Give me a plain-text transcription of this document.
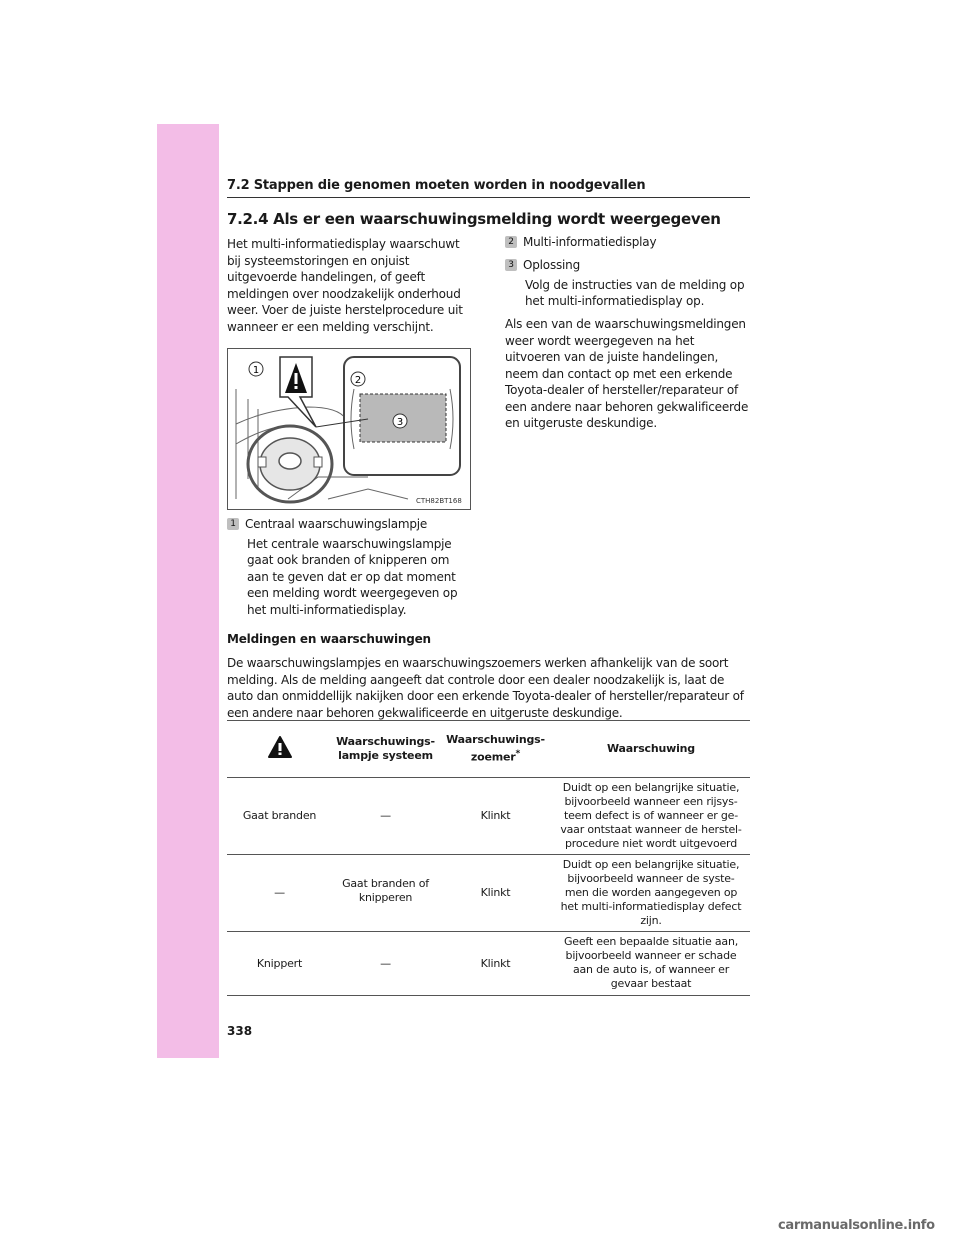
7.2 Stappen die genomen moeten worden in noodgevallen
7.2.4 Als er een waarschuwingsmelding wordt weergegeven
Het multi-informatiedisplay waarschuwt bij systeemstoringen en onjuist uitgevoerde handelingen, of geeft meldingen over noodzakelijk onderhoud weer. Voer de juiste herstelprocedure uit wanneer er een melding verschijnt.
1
2
3
CTH82BT168
1 Centraal waarschuwingslampje
Het centrale waarschuwingslampje gaat ook branden of knipperen om aan te geven dat er op dat moment een melding wordt weergegeven op het multi-informatiedisplay.
2 Multi-informatiedisplay
3 Oplossing
Volg de instructies van de melding op het multi-informatiedisplay op.
Als een van de waarschuwingsmeldingen weer wordt weergegeven na het uitvoeren van de juiste handelingen, neem dan contact op met een erkende Toyota-dealer of hersteller/reparateur of een andere naar behoren gekwalificeerde en uitgeruste deskundige.
Meldingen en waarschuwingen
De waarschuwingslampjes en waarschuwingszoemers werken afhankelijk van de soort melding. Als de melding aangeeft dat controle door een dealer noodzakelijk is, laat de auto dan onmiddellijk nakijken door een erkende Toyota-dealer of hersteller/reparateur of een andere naar behoren gekwalificeerde en uitgeruste deskundige.
	Waarschuwings-lampje systeem	Waarschuwings-zoemer*	Waarschuwing
Gaat branden	—	Klinkt	Duidt op een belangrijke situatie, bijvoorbeeld wanneer een rijsys-teem defect is of wanneer er ge-vaar ontstaat wanneer de herstel-procedure niet wordt uitgevoerd
—	Gaat branden of knipperen	Klinkt	Duidt op een belangrijke situatie, bijvoorbeeld wanneer de syste-men die worden aangegeven op het multi-informatiedisplay defect zijn.
Knippert	—	Klinkt	Geeft een bepaalde situatie aan, bijvoorbeeld wanneer er schade aan de auto is, of wanneer er gevaar bestaat
338
carmanualsonline.info
